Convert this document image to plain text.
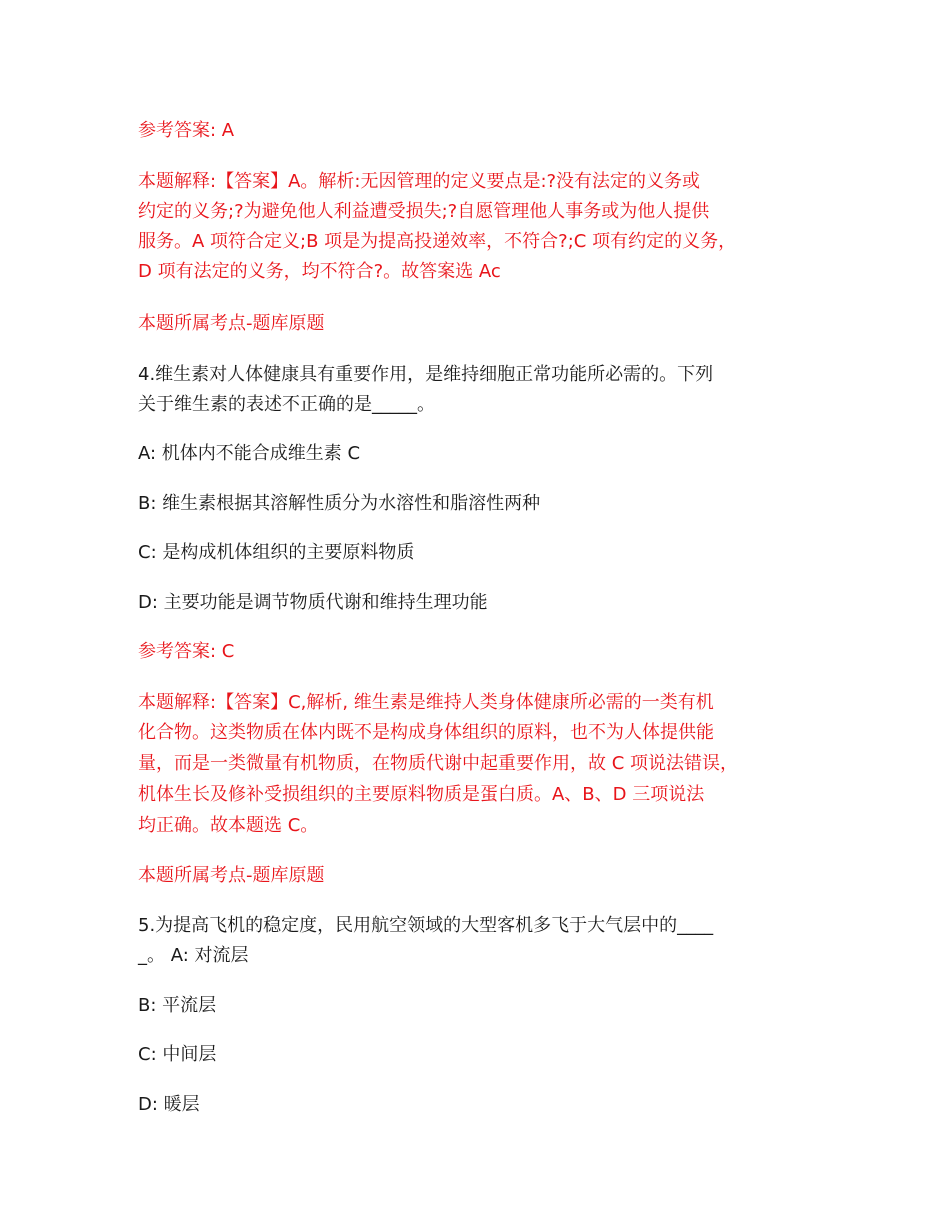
参考答案: A
本题解释:【答案】A。解析:无因管理的定义要点是:?没有法定的义务或
约定的义务;?为避免他人利益遭受损失;?自愿管理他人事务或为他人提供
服务。A 项符合定义;B 项是为提高投递效率，不符合?;C 项有约定的义务，
D 项有法定的义务，均不符合?。故答案选 Ac
本题所属考点-题库原题
4.维生素对人体健康具有重要作用，是维持细胞正常功能所必需的。下列
关于维生素的表述不正确的是_____。
A: 机体内不能合成维生素 C
B: 维生素根据其溶解性质分为水溶性和脂溶性两种
C: 是构成机体组织的主要原料物质
D: 主要功能是调节物质代谢和维持生理功能
参考答案: C
本题解释:【答案】C,解析, 维生素是维持人类身体健康所必需的一类有机
化合物。这类物质在体内既不是构成身体组织的原料，也不为人体提供能
量，而是一类微量有机物质，在物质代谢中起重要作用，故 C 项说法错误，
机体生长及修补受损组织的主要原料物质是蛋白质。A、B、D 三项说法
均正确。故本题选 C。
本题所属考点-题库原题
5.为提高飞机的稳定度，民用航空领域的大型客机多飞于大气层中的____
_。 A: 对流层
B: 平流层
C: 中间层
D: 暖层
